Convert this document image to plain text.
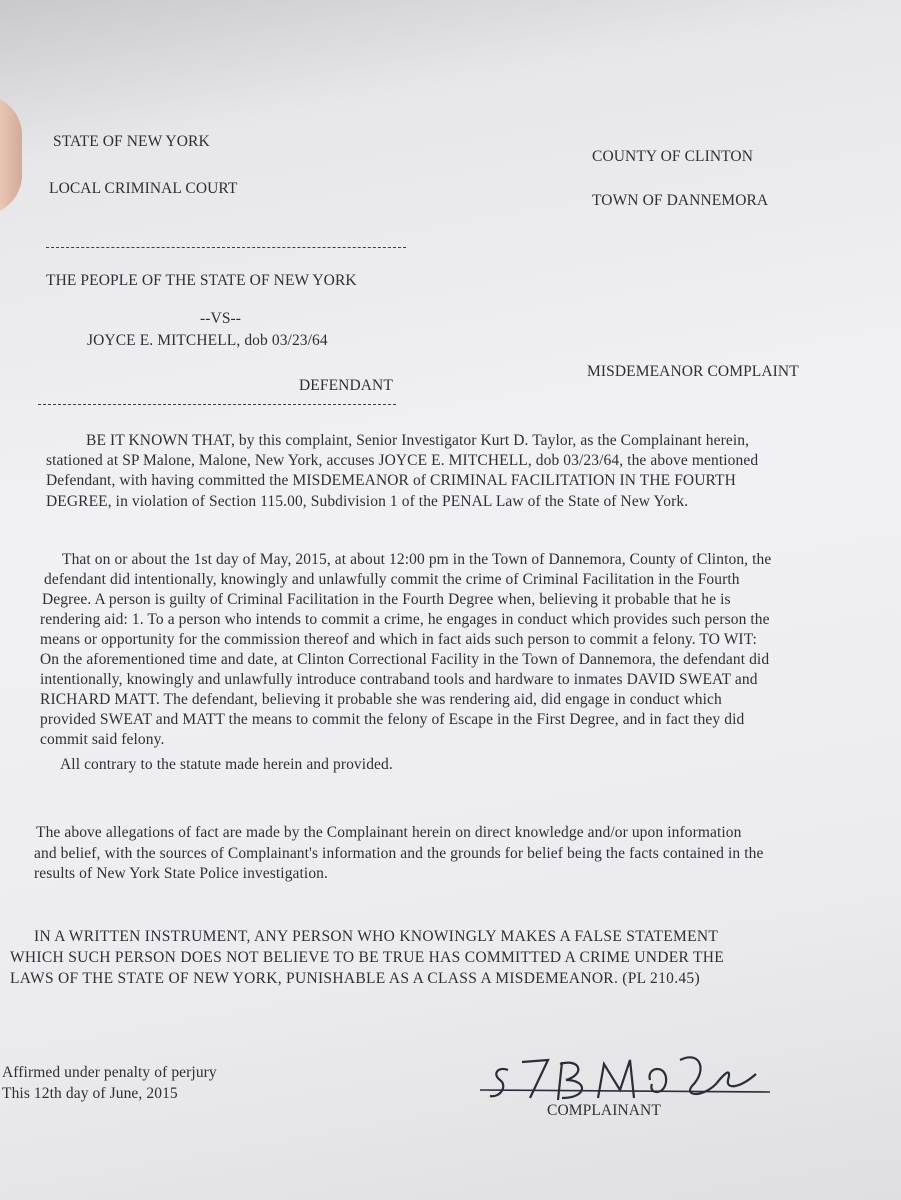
STATE OF NEW YORK
LOCAL CRIMINAL COURT
COUNTY OF CLINTON
TOWN OF DANNEMORA
THE PEOPLE OF THE STATE OF NEW YORK
--VS--
JOYCE E. MITCHELL, dob 03/23/64
DEFENDANT
MISDEMEANOR COMPLAINT
BE IT KNOWN THAT, by this complaint, Senior Investigator Kurt D. Taylor, as the Complainant herein,
stationed at SP Malone, Malone, New York, accuses JOYCE E. MITCHELL, dob 03/23/64, the above mentioned
Defendant, with having committed the MISDEMEANOR of CRIMINAL FACILITATION IN THE FOURTH
DEGREE, in violation of Section 115.00, Subdivision 1 of the PENAL Law of the State of New York.
That on or about the 1st day of May, 2015, at about 12:00 pm in the Town of Dannemora, County of Clinton, the
defendant did intentionally, knowingly and unlawfully commit the crime of Criminal Facilitation in the Fourth
Degree. A person is guilty of Criminal Facilitation in the Fourth Degree when, believing it probable that he is
rendering aid: 1. To a person who intends to commit a crime, he engages in conduct which provides such person the
means or opportunity for the commission thereof and which in fact aids such person to commit a felony. TO WIT:
On the aforementioned time and date, at Clinton Correctional Facility in the Town of Dannemora, the defendant did
intentionally, knowingly and unlawfully introduce contraband tools and hardware to inmates DAVID SWEAT and
RICHARD MATT. The defendant, believing it probable she was rendering aid, did engage in conduct which
provided SWEAT and MATT the means to commit the felony of Escape in the First Degree, and in fact they did
commit said felony.
All contrary to the statute made herein and provided.
The above allegations of fact are made by the Complainant herein on direct knowledge and/or upon information
and belief, with the sources of Complainant's information and the grounds for belief being the facts contained in the
results of New York State Police investigation.
IN A WRITTEN INSTRUMENT, ANY PERSON WHO KNOWINGLY MAKES A FALSE STATEMENT
WHICH SUCH PERSON DOES NOT BELIEVE TO BE TRUE HAS COMMITTED A CRIME UNDER THE
LAWS OF THE STATE OF NEW YORK, PUNISHABLE AS A CLASS A MISDEMEANOR. (PL 210.45)
Affirmed under penalty of perjury
This 12th day of June, 2015
COMPLAINANT
